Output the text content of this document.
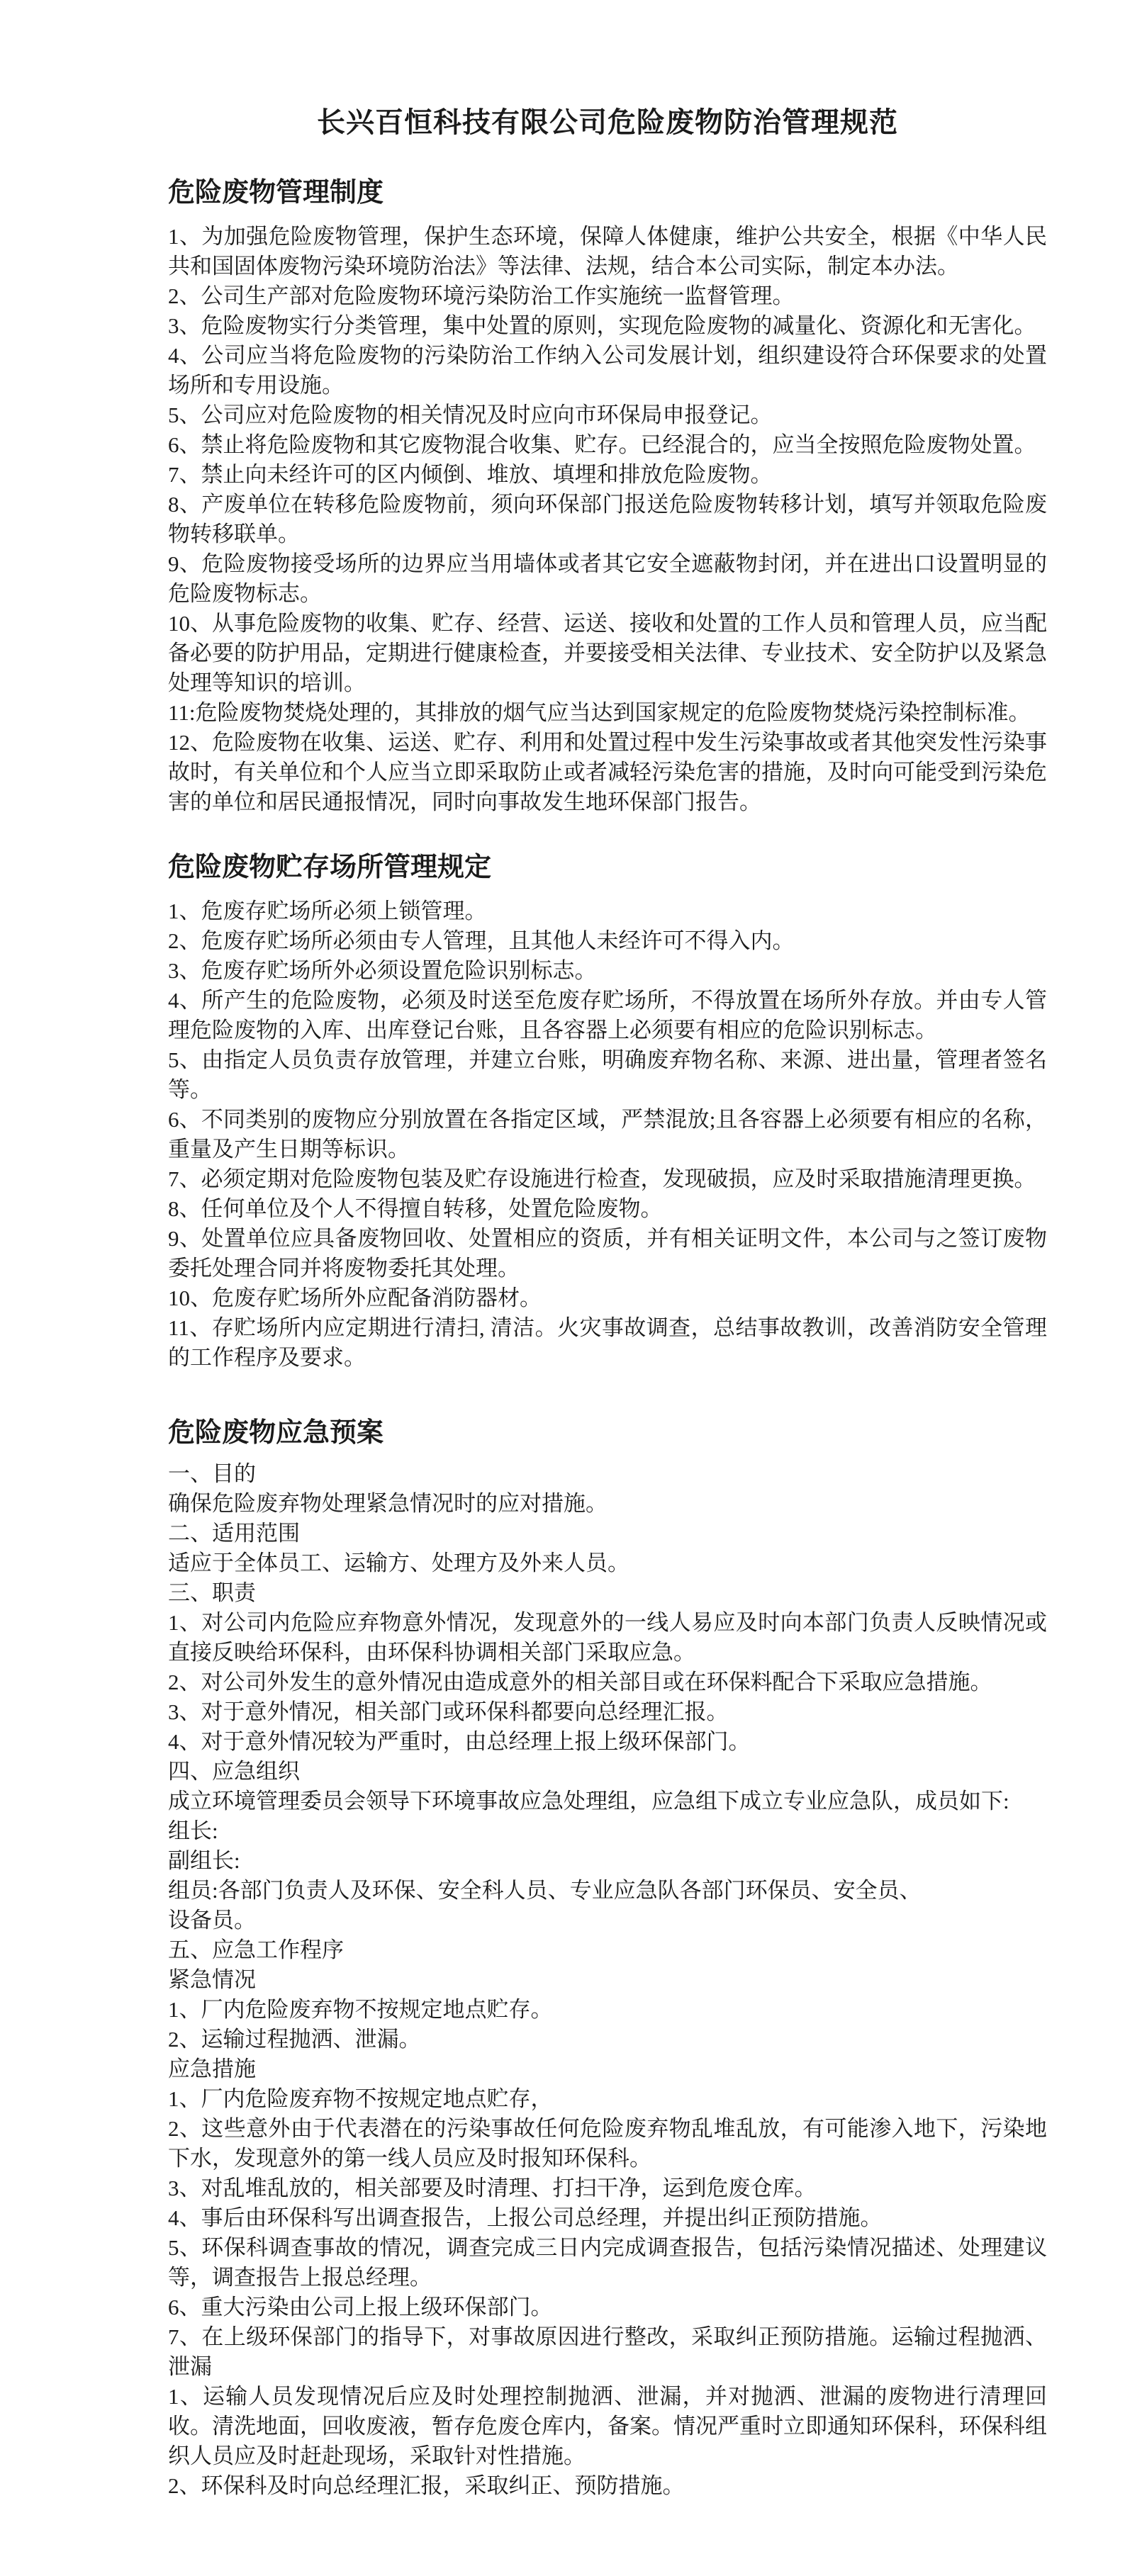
长兴百恒科技有限公司危险废物防治管理规范
危险废物管理制度

1、为加强危险废物管理，保护生态环境，保障人体健康，维护公共安全，根据《中华人民共和国固体废物污染环境防治法》等法律、法规，结合本公司实际，制定本办法。

2、公司生产部对危险废物环境污染防治工作实施统一监督管理。

3、危险废物实行分类管理，集中处置的原则，实现危险废物的减量化、资源化和无害化。

4、公司应当将危险废物的污染防治工作纳入公司发展计划，组织建设符合环保要求的处置场所和专用设施。

5、公司应对危险废物的相关情况及时应向市环保局申报登记。

6、禁止将危险废物和其它废物混合收集、贮存。已经混合的，应当全按照危险废物处置。

7、禁止向未经许可的区内倾倒、堆放、填埋和排放危险废物。

8、产废单位在转移危险废物前，须向环保部门报送危险废物转移计划，填写并领取危险废物转移联单。

9、危险废物接受场所的边界应当用墙体或者其它安全遮蔽物封闭，并在进出口设置明显的危险废物标志。

10、从事危险废物的收集、贮存、经营、运送、接收和处置的工作人员和管理人员，应当配备必要的防护用品，定期进行健康检查，并要接受相关法律、专业技术、安全防护以及紧急处理等知识的培训。

11:危险废物焚烧处理的，其排放的烟气应当达到国家规定的危险废物焚烧污染控制标准。

12、危险废物在收集、运送、贮存、利用和处置过程中发生污染事故或者其他突发性污染事故时，有关单位和个人应当立即采取防止或者减轻污染危害的措施，及时向可能受到污染危害的单位和居民通报情况，同时向事故发生地环保部门报告。

危险废物贮存场所管理规定

1、危废存贮场所必须上锁管理。

2、危废存贮场所必须由专人管理，且其他人未经许可不得入内。

3、危废存贮场所外必须设置危险识别标志。

4、所产生的危险废物，必须及时送至危废存贮场所，不得放置在场所外存放。并由专人管理危险废物的入库、出库登记台账，且各容器上必须要有相应的危险识别标志。

5、由指定人员负责存放管理，并建立台账，明确废弃物名称、来源、进出量，管理者签名等。

6、不同类别的废物应分别放置在各指定区域，严禁混放;且各容器上必须要有相应的名称，重量及产生日期等标识。

7、必须定期对危险废物包装及贮存设施进行检查，发现破损，应及时采取措施清理更换。

8、任何单位及个人不得擅自转移，处置危险废物。

9、处置单位应具备废物回收、处置相应的资质，并有相关证明文件，本公司与之签订废物委托处理合同并将废物委托其处理。

10、危废存贮场所外应配备消防器材。

11、存贮场所内应定期进行清扫, 清洁。火灾事故调查，总结事故教训，改善消防安全管理的工作程序及要求。

危险废物应急预案

一、目的

确保危险废弃物处理紧急情况时的应对措施。

二、适用范围

适应于全体员工、运输方、处理方及外来人员。

三、职责

1、对公司内危险应弃物意外情况，发现意外的一线人易应及时向本部门负责人反映情况或直接反映给环保科，由环保科协调相关部门采取应急。

2、对公司外发生的意外情况由造成意外的相关部目或在环保料配合下采取应急措施。

3、对于意外情况，相关部门或环保科都要向总经理汇报。

4、对于意外情况较为严重时，由总经理上报上级环保部门。

四、应急组织

成立环境管理委员会领导下环境事故应急处理组，应急组下成立专业应急队，成员如下:

组长:

副组长:

组员:各部门负责人及环保、安全科人员、专业应急队各部门环保员、安全员、

设备员。

五、应急工作程序

紧急情况

1、厂内危险废弃物不按规定地点贮存。

2、运输过程抛洒、泄漏。

应急措施

1、厂内危险废弃物不按规定地点贮存，

2、这些意外由于代表潜在的污染事故任何危险废弃物乱堆乱放，有可能渗入地下，污染地下水，发现意外的第一线人员应及时报知环保科。

3、对乱堆乱放的，相关部要及时清理、打扫干净，运到危废仓库。

4、事后由环保科写出调查报告，上报公司总经理，并提出纠正预防措施。

5、环保科调查事故的情况，调查完成三日内完成调查报告，包括污染情况描述、处理建议等，调查报告上报总经理。

6、重大污染由公司上报上级环保部门。

7、在上级环保部门的指导下，对事故原因进行整改，采取纠正预防措施。运输过程抛洒、泄漏

1、运输人员发现情况后应及时处理控制抛洒、泄漏，并对抛洒、泄漏的废物进行清理回收。清洗地面，回收废液，暂存危废仓库内，备案。情况严重时立即通知环保科，环保科组织人员应及时赶赴现场，采取针对性措施。

2、环保科及时向总经理汇报，采取纠正、预防措施。
